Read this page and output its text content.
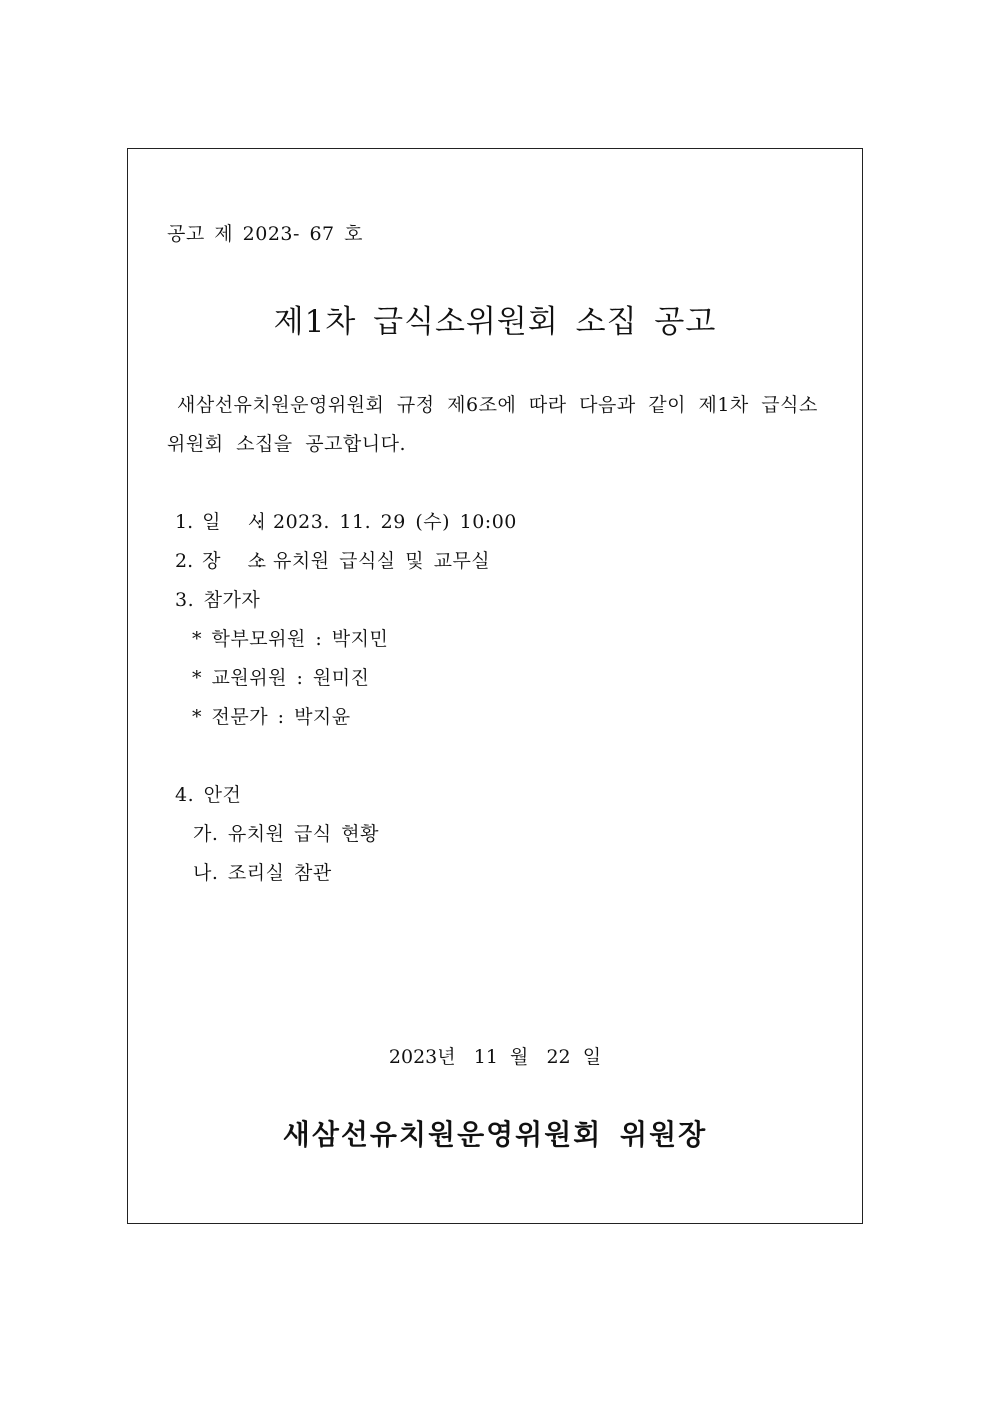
공고 제 2023- 67 호
제1차 급식소위원회 소집 공고
새삼선유치원운영위원회 규정 제6조에 따라 다음과 같이 제1차 급식소
위원회 소집을 공고합니다.
1. 일   시 : 2023. 11. 29 (수) 10:00
2. 장   소 : 유치원 급식실 및 교무실
3. 참가자
* 학부모위원 : 박지민
* 교원위원 : 원미진
* 전문가 : 박지윤
4. 안건
가. 유치원 급식 현황
나. 조리실 참관
2023년   11  월   22  일
새삼선유치원운영위원회 위원장
